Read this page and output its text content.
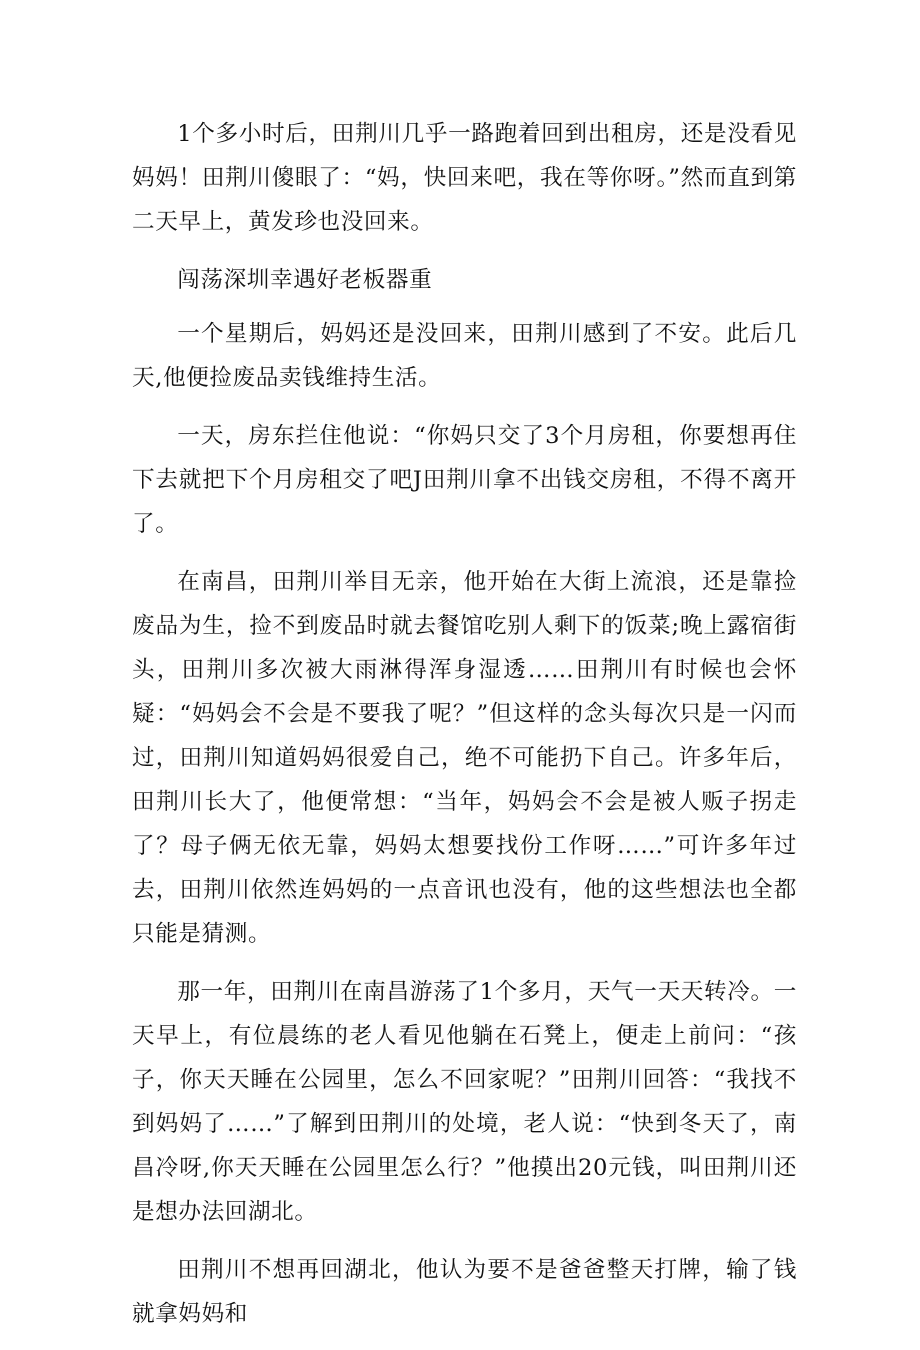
1个多小时后，田荆川几乎一路跑着回到出租房，还是没看见妈妈！田荆川傻眼了：“妈，快回来吧，我在等你呀。”然而直到第二天早上，黄发珍也没回来。

闯荡深圳幸遇好老板器重

一个星期后，妈妈还是没回来，田荆川感到了不安。此后几天,他便捡废品卖钱维持生活。

一天，房东拦住他说：“你妈只交了3个月房租，你要想再住下去就把下个月房租交了吧J田荆川拿不出钱交房租，不得不离开了。

在南昌，田荆川举目无亲，他开始在大街上流浪，还是靠捡废品为生，捡不到废品时就去餐馆吃别人剩下的饭菜;晚上露宿街头，田荆川多次被大雨淋得浑身湿透……田荆川有时候也会怀疑：“妈妈会不会是不要我了呢？”但这样的念头每次只是一闪而过，田荆川知道妈妈很爱自己，绝不可能扔下自己。许多年后，田荆川长大了，他便常想：“当年，妈妈会不会是被人贩子拐走了？母子俩无依无靠，妈妈太想要找份工作呀……”可许多年过去，田荆川依然连妈妈的一点音讯也没有，他的这些想法也全都只能是猜测。

那一年，田荆川在南昌游荡了1个多月，天气一天天转冷。一天早上，有位晨练的老人看见他躺在石凳上，便走上前问：“孩子，你天天睡在公园里，怎么不回家呢？”田荆川回答：“我找不到妈妈了……”了解到田荆川的处境，老人说：“快到冬天了，南昌冷呀,你天天睡在公园里怎么行？”他摸出20元钱，叫田荆川还是想办法回湖北。

田荆川不想再回湖北，他认为要不是爸爸整天打牌，输了钱就拿妈妈和
